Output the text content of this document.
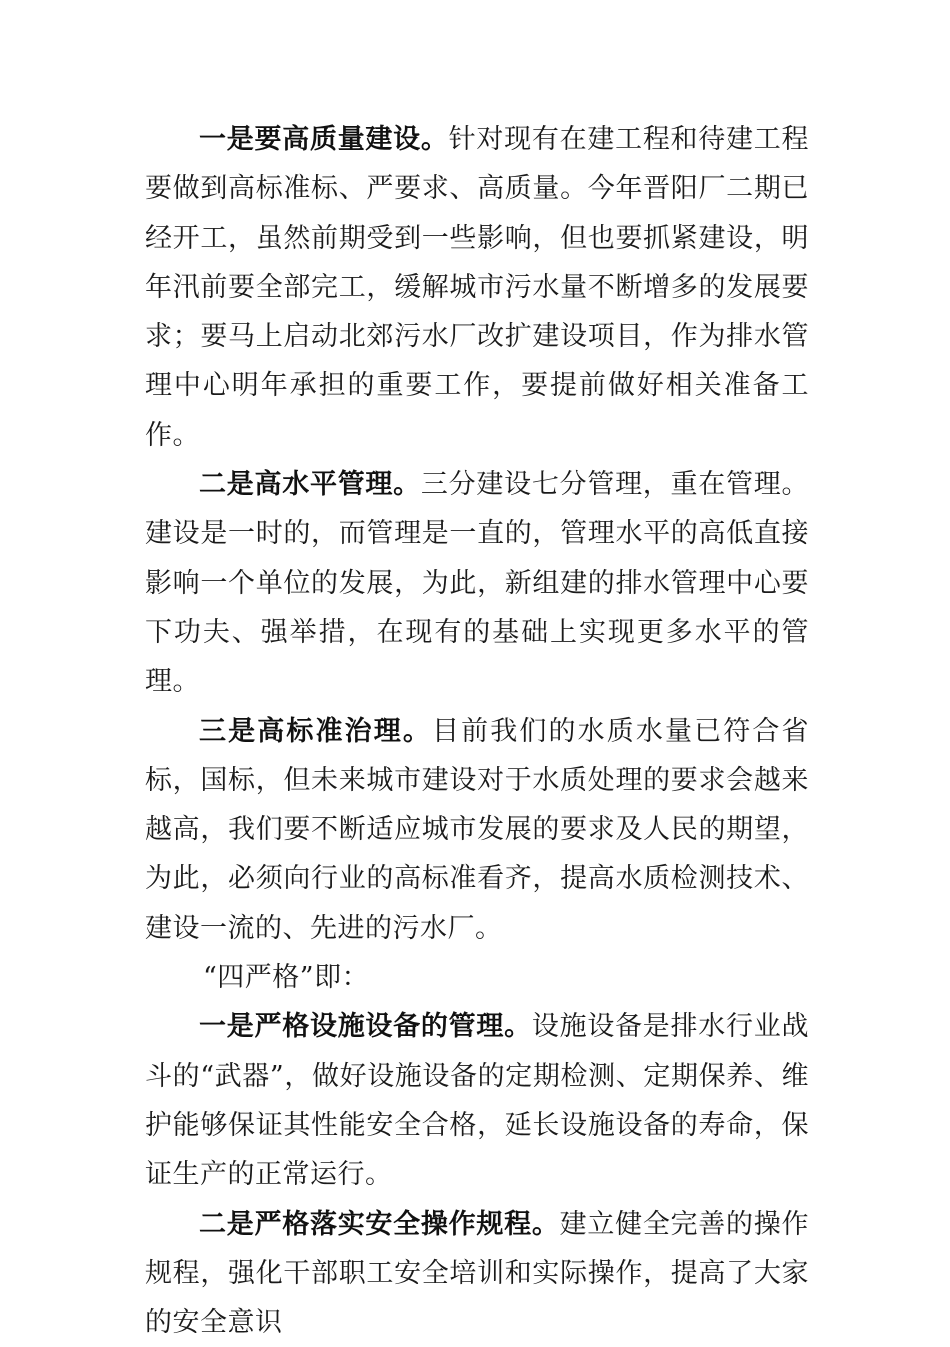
一是要高质量建设。针对现有在建工程和待建工程要做到高标准标、严要求、高质量。今年晋阳厂二期已经开工，虽然前期受到一些影响，但也要抓紧建设，明年汛前要全部完工，缓解城市污水量不断增多的发展要求；要马上启动北郊污水厂改扩建设项目，作为排水管理中心明年承担的重要工作，要提前做好相关准备工作。

二是高水平管理。三分建设七分管理，重在管理。建设是一时的，而管理是一直的，管理水平的高低直接影响一个单位的发展，为此，新组建的排水管理中心要下功夫、强举措，在现有的基础上实现更多水平的管理。

三是高标准治理。目前我们的水质水量已符合省标，国标，但未来城市建设对于水质处理的要求会越来越高，我们要不断适应城市发展的要求及人民的期望，为此，必须向行业的高标准看齐，提高水质检测技术、建设一流的、先进的污水厂。

“四严格”即：

一是严格设施设备的管理。设施设备是排水行业战斗的“武器”，做好设施设备的定期检测、定期保养、维护能够保证其性能安全合格，延长设施设备的寿命，保证生产的正常运行。

二是严格落实安全操作规程。建立健全完善的操作规程，强化干部职工安全培训和实际操作，提高了大家的安全意识
